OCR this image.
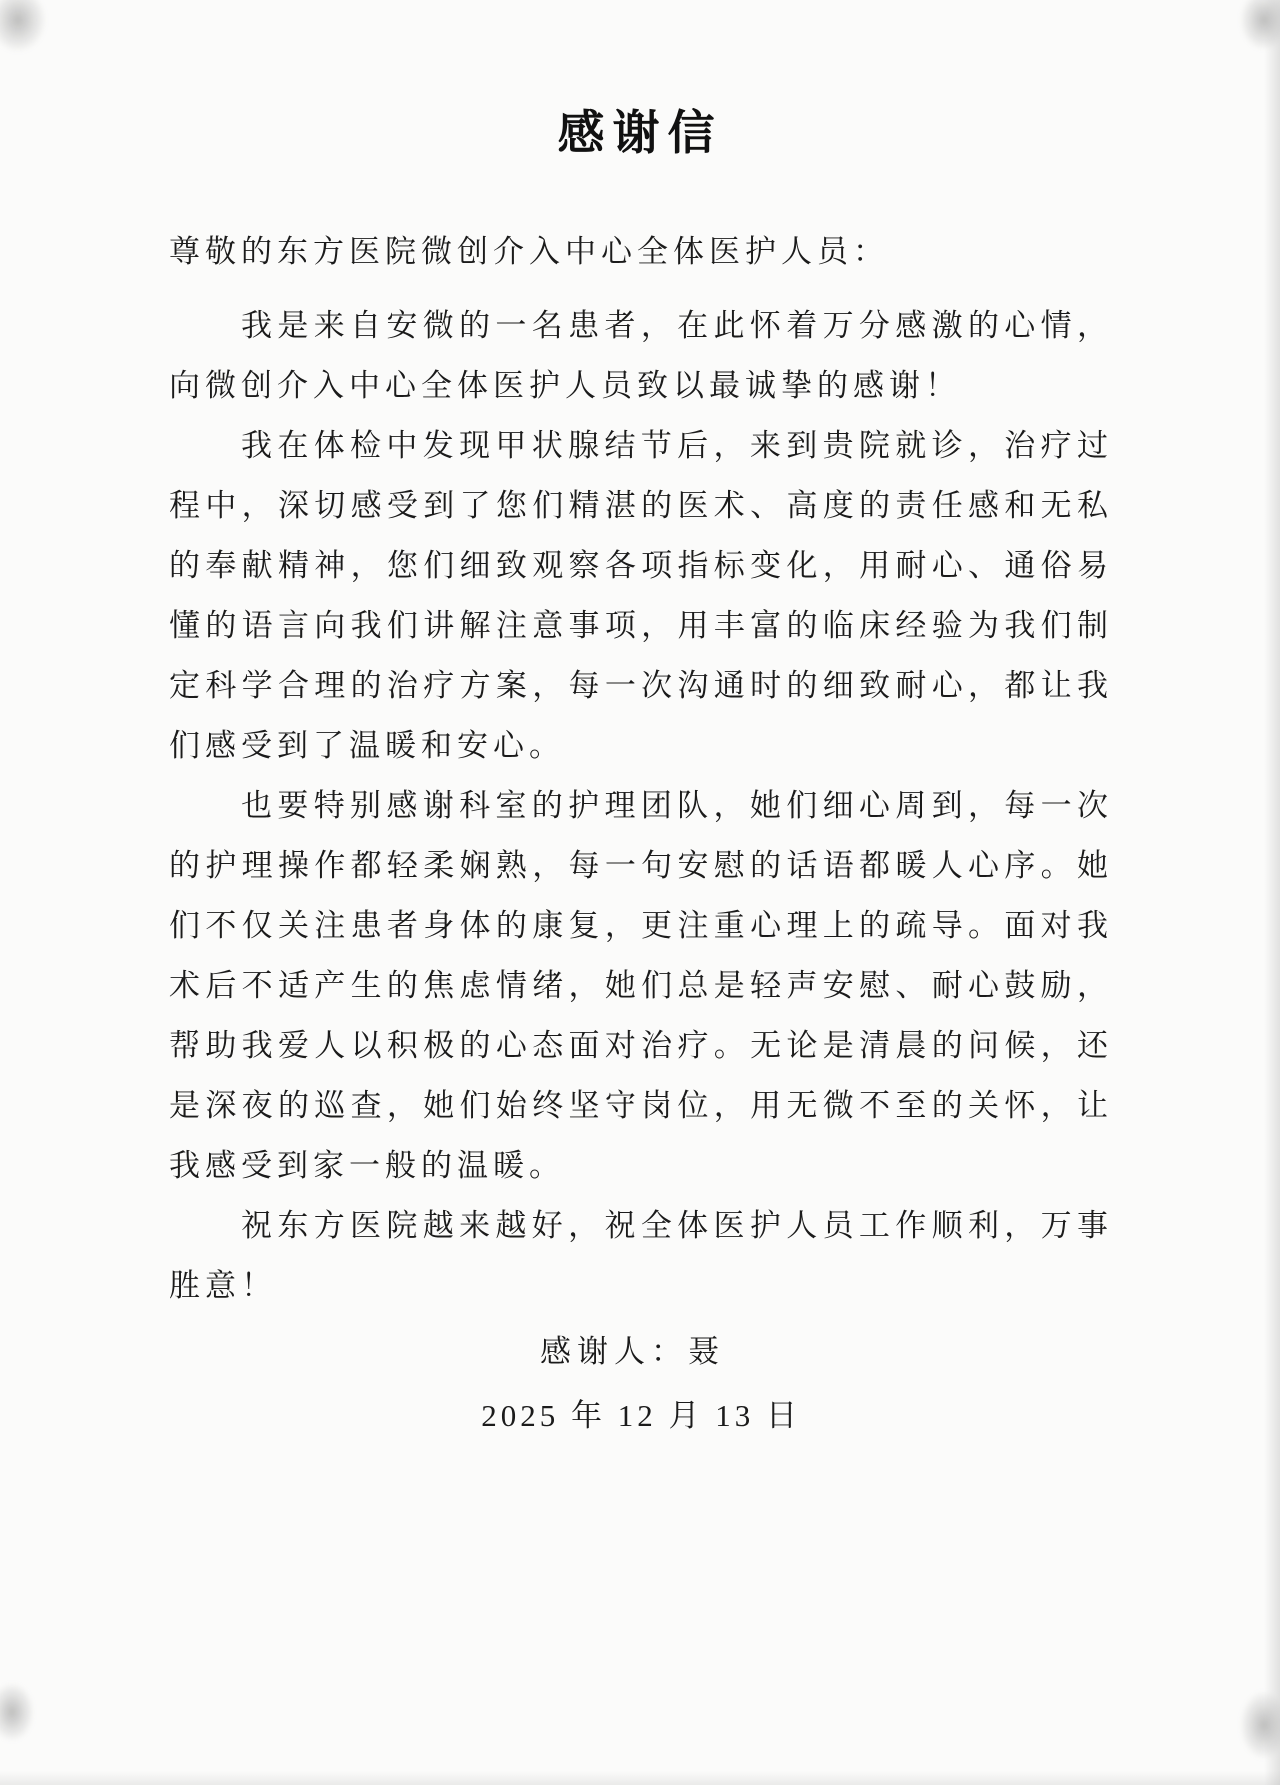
感谢信

尊敬的东方医院微创介入中心全体医护人员：

我是来自安微的一名患者，在此怀着万分感激的心情，向微创介入中心全体医护人员致以最诚挚的感谢！

我在体检中发现甲状腺结节后，来到贵院就诊，治疗过程中，深切感受到了您们精湛的医术、高度的责任感和无私的奉献精神，您们细致观察各项指标变化，用耐心、通俗易懂的语言向我们讲解注意事项，用丰富的临床经验为我们制定科学合理的治疗方案，每一次沟通时的细致耐心，都让我们感受到了温暖和安心。

也要特别感谢科室的护理团队，她们细心周到，每一次的护理操作都轻柔娴熟，每一句安慰的话语都暖人心序。她们不仅关注患者身体的康复，更注重心理上的疏导。面对我术后不适产生的焦虑情绪，她们总是轻声安慰、耐心鼓励，帮助我爱人以积极的心态面对治疗。无论是清晨的问候，还是深夜的巡查，她们始终坚守岗位，用无微不至的关怀，让我感受到家一般的温暖。

祝东方医院越来越好，祝全体医护人员工作顺利，万事胜意！

感谢人：聂

2025 年 12 月 13 日
